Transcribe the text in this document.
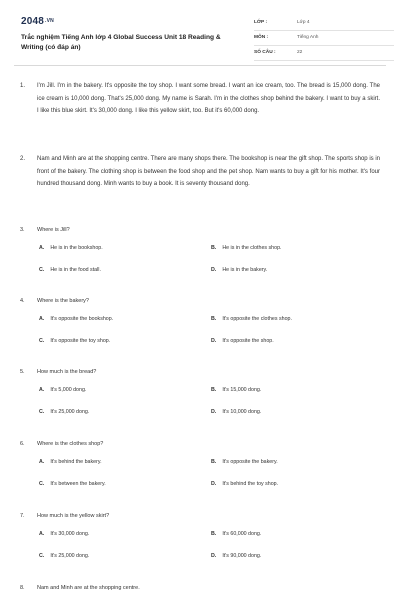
2048.VN
Trắc nghiệm Tiếng Anh lớp 4 Global Success Unit 18 Reading & Writing (có đáp án)
LỚP :	Lớp 4
MÔN :	Tiếng Anh
SỐ CÂU :	22
1. I'm Jill. I'm in the bakery. It's opposite the toy shop. I want some bread. I want an ice cream, too. The bread is 15,000 dong. The ice cream is 10,000 dong. That's 25,000 dong. My name is Sarah. I'm in the clothes shop behind the bakery. I want to buy a skirt. I like this blue skirt. It's 30,000 dong. I like this yellow skirt, too. But it's 60,000 dong.
2. Nam and Minh are at the shopping centre. There are many shops there. The bookshop is near the gift shop. The sports shop is in front of the bakery. The clothing shop is between the food shop and the pet shop. Nam wants to buy a gift for his mother. It's four hundred thousand dong. Minh wants to buy a book. It is seventy thousand dong.
3. Where is Jill?
A. He is in the bookshop.	B. He is in the clothes shop.
C. He is in the food stall.	D. He is in the bakery.
4. Where is the bakery?
A. It's opposite the bookshop.	B. It's opposite the clothes shop.
C. It's opposite the toy shop.	D. It's opposite the shop.
5. How much is the bread?
A. It's 5,000 dong.	B. It's 15,000 dong.
C. It's 25,000 dong.	D. It's 10,000 dong.
6. Where is the clothes shop?
A. It's behind the bakery.	B. It's opposite the bakery.
C. It's between the bakery.	D. It's behind the toy shop.
7. How much is the yellow skirt?
A. It's 30,000 dong.	B. It's 60,000 dong.
C. It's 25,000 dong.	D. It's 90,000 dong.
8. Nam and Minh are at the shopping centre.
